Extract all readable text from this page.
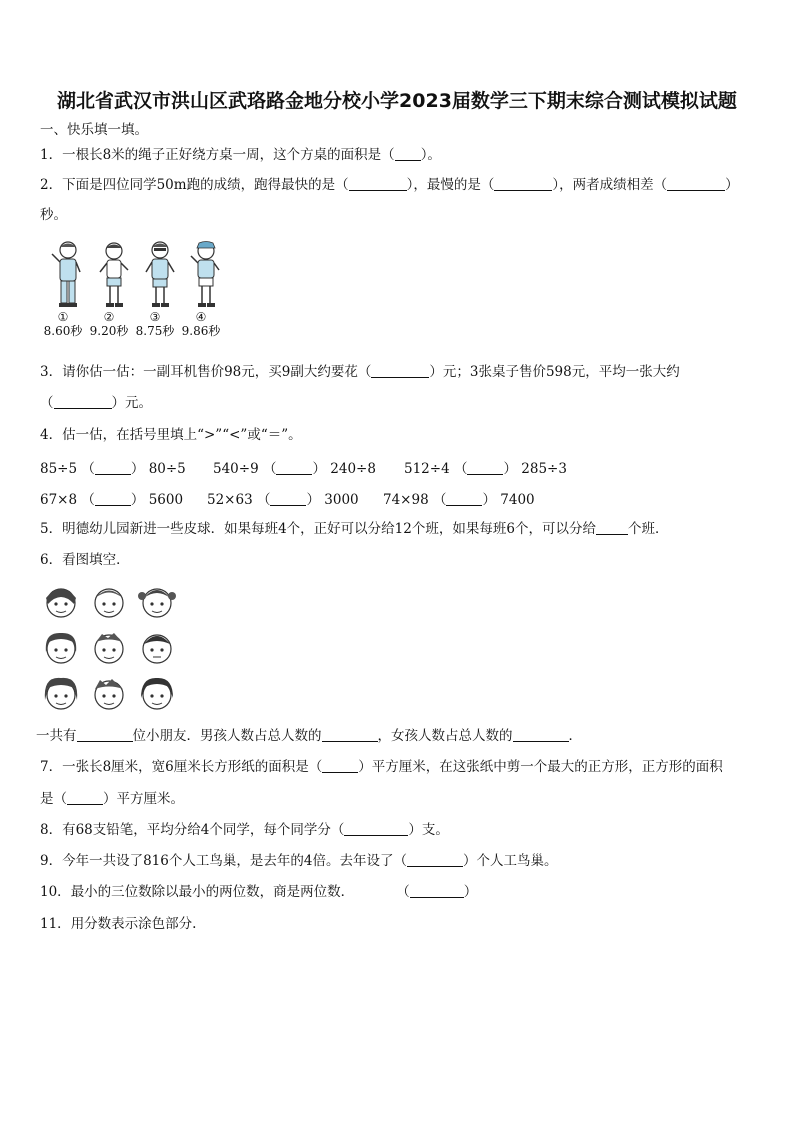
湖北省武汉市洪山区武珞路金地分校小学2023届数学三下期末综合测试模拟试题
一、快乐填一填。
1．一根长8米的绳子正好绕方桌一周，这个方桌的面积是（ ）。
2．下面是四位同学50m跑的成绩，跑得最快的是（	），最慢的是（	），两者成绩相差（	）
秒。
①
8.60秒
②
9.20秒
③
8.75秒
④
9.86秒
3．请你估一估：一副耳机售价98元，买9副大约要花（	）元；3张桌子售价598元，平均一张大约
（	）元。
4．估一估，在括号里填上“>”“<”或“＝”。
85÷5 （	） 80÷5 540÷9 （	） 240÷8 512÷4 （	） 285÷3
67×8 （	） 5600 52×63 （	） 3000 74×98 （	） 7400
5．明德幼儿园新进一些皮球．如果每班4个，正好可以分给12个班，如果每班6个，可以分给 个班．
6．看图填空．
一共有	位小朋友．男孩人数占总人数的	，女孩人数占总人数的	．
7．一张长8厘米，宽6厘米长方形纸的面积是（	）平方厘米，在这张纸中剪一个最大的正方形，正方形的面积
是（	）平方厘米。
8．有68支铅笔，平均分给4个同学，每个同学分（	）支。
9．今年一共设了816个人工鸟巢，是去年的4倍。去年设了（	）个人工鸟巢。
10．最小的三位数除以最小的两位数，商是两位数．	（	）
11．用分数表示涂色部分.
